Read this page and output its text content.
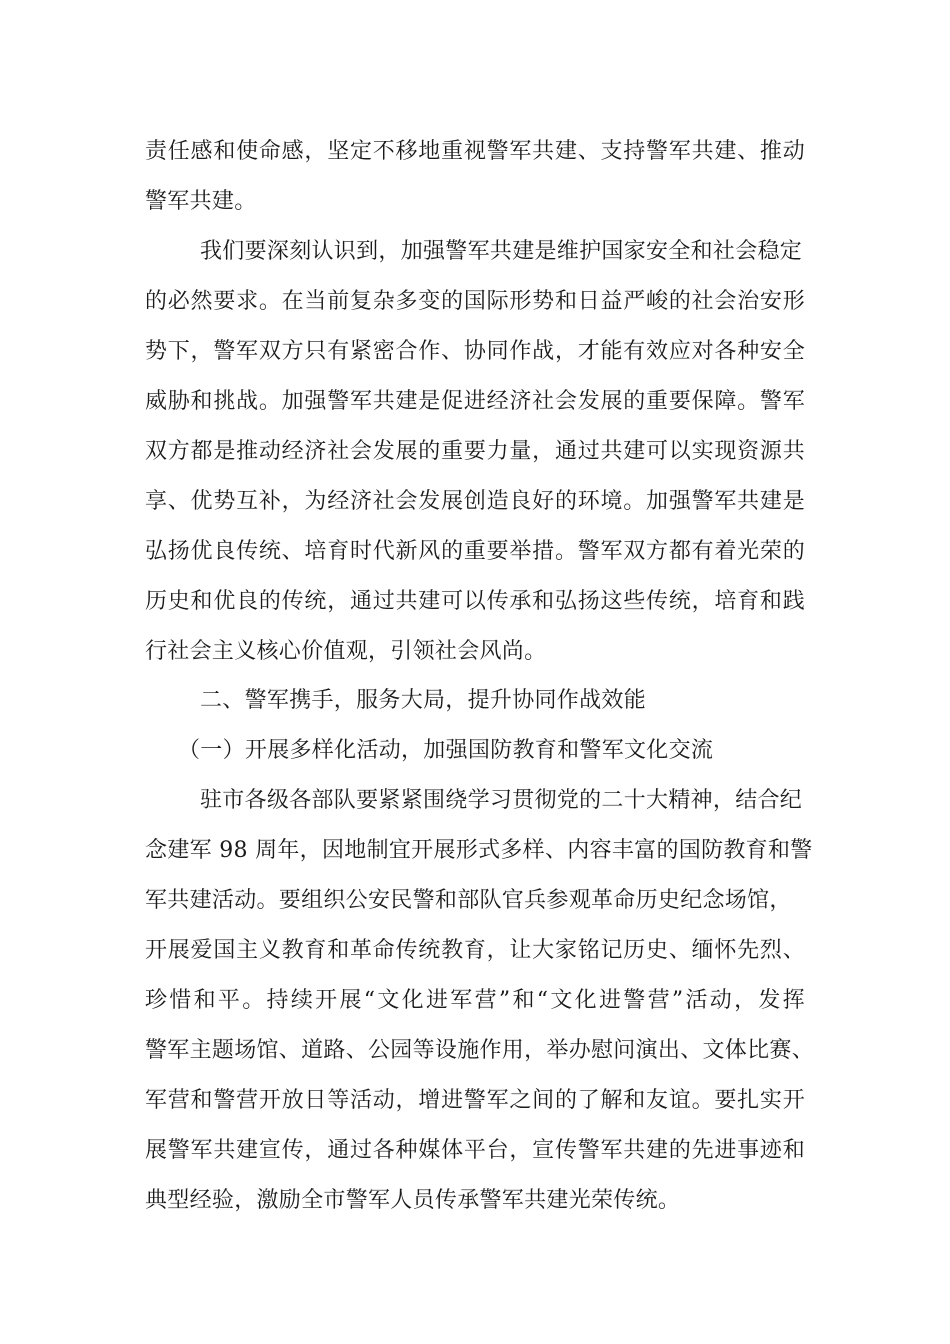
责任感和使命感，坚定不移地重视警军共建、支持警军共建、推动
警军共建。
我们要深刻认识到，加强警军共建是维护国家安全和社会稳定
的必然要求。在当前复杂多变的国际形势和日益严峻的社会治安形
势下，警军双方只有紧密合作、协同作战，才能有效应对各种安全
威胁和挑战。加强警军共建是促进经济社会发展的重要保障。警军
双方都是推动经济社会发展的重要力量，通过共建可以实现资源共
享、优势互补，为经济社会发展创造良好的环境。加强警军共建是
弘扬优良传统、培育时代新风的重要举措。警军双方都有着光荣的
历史和优良的传统，通过共建可以传承和弘扬这些传统，培育和践
行社会主义核心价值观，引领社会风尚。
二、警军携手，服务大局，提升协同作战效能
（一）开展多样化活动，加强国防教育和警军文化交流
驻市各级各部队要紧紧围绕学习贯彻党的二十大精神，结合纪
念建军 98 周年，因地制宜开展形式多样、内容丰富的国防教育和警
军共建活动。要组织公安民警和部队官兵参观革命历史纪念场馆，
开展爱国主义教育和革命传统教育，让大家铭记历史、缅怀先烈、
珍惜和平。持续开展“文化进军营”和“文化进警营”活动，发挥
警军主题场馆、道路、公园等设施作用，举办慰问演出、文体比赛、
军营和警营开放日等活动，增进警军之间的了解和友谊。要扎实开
展警军共建宣传，通过各种媒体平台，宣传警军共建的先进事迹和
典型经验，激励全市警军人员传承警军共建光荣传统。
